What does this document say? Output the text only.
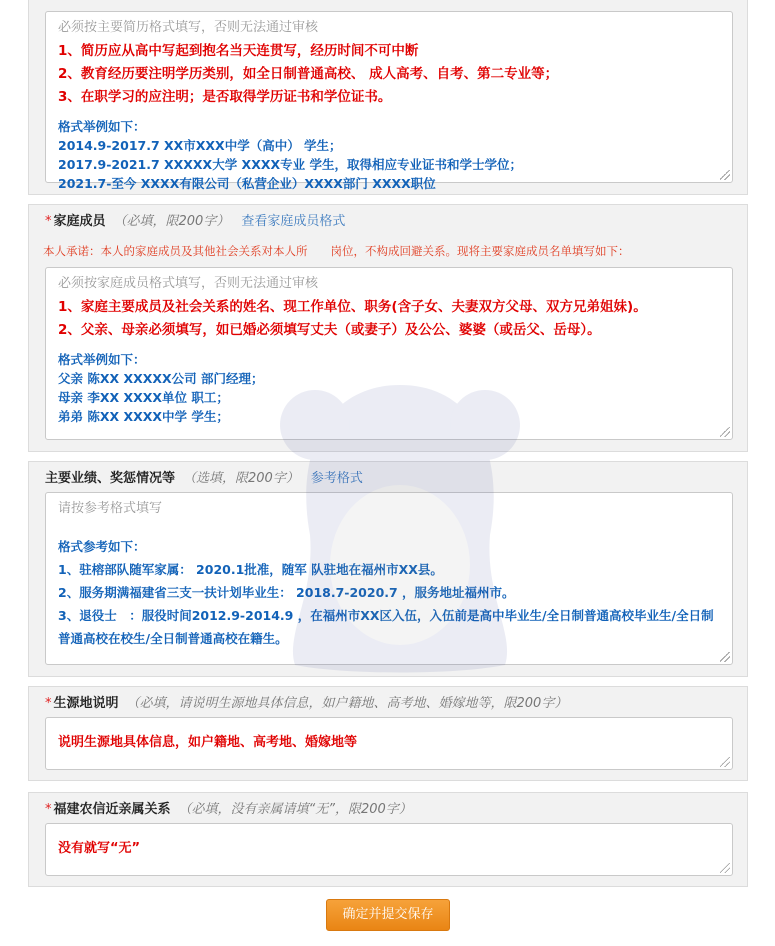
必须按主要简历格式填写，否则无法通过审核
1、简历应从高中写起到抱名当天连贯写，经历时间不可中断
2、教育经历要注明学历类别，如全日制普通高校、 成人高考、自考、第二专业等；
3、在职学习的应注明；是否取得学历证书和学位证书。
格式举例如下：
2014.9-2017.7 XX市XXX中学（高中） 学生；
2017.9-2021.7 XXXXX大学 XXXX专业 学生，取得相应专业证书和学士学位；
2021.7-至今 XXXX有限公司（私营企业）XXXX部门 XXXX职位
* 家庭成员 （必填，限200字） 查看家庭成员格式
本人承诺：本人的家庭成员及其他社会关系对本人所　　岗位，不构成回避关系。现将主要家庭成员名单填写如下：
必须按家庭成员格式填写，否则无法通过审核
1、家庭主要成员及社会关系的姓名、现工作单位、职务(含子女、夫妻双方父母、双方兄弟姐妹)。
2、父亲、母亲必须填写，如已婚必须填写丈夫（或妻子）及公公、婆婆（或岳父、岳母）。
格式举例如下：
父亲 陈XX XXXXX公司 部门经理；
母亲 李XX XXXX单位 职工；
弟弟 陈XX XXXX中学 学生；
主要业绩、奖惩情况等 （选填，限200字） 参考格式
请按参考格式填写
格式参考如下：
1、驻榕部队随军家属： 2020.1批准，随军 队驻地在福州市XX县。
2、服务期满福建省三支一扶计划毕业生： 2018.7-2020.7 ，服务地址福州市。
3、退役士　：服役时间2012.9-2014.9 ，在福州市XX区入伍，入伍前是高中毕业生/全日制普通高校毕业生/全日制普通高校在校生/全日制普通高校在籍生。
* 生源地说明 （必填，请说明生源地具体信息，如户籍地、高考地、婚嫁地等，限200字）
说明生源地具体信息，如户籍地、高考地、婚嫁地等
* 福建农信近亲属关系 （必填，没有亲属请填“无”，限200字）
没有就写“无”
确定并提交保存
